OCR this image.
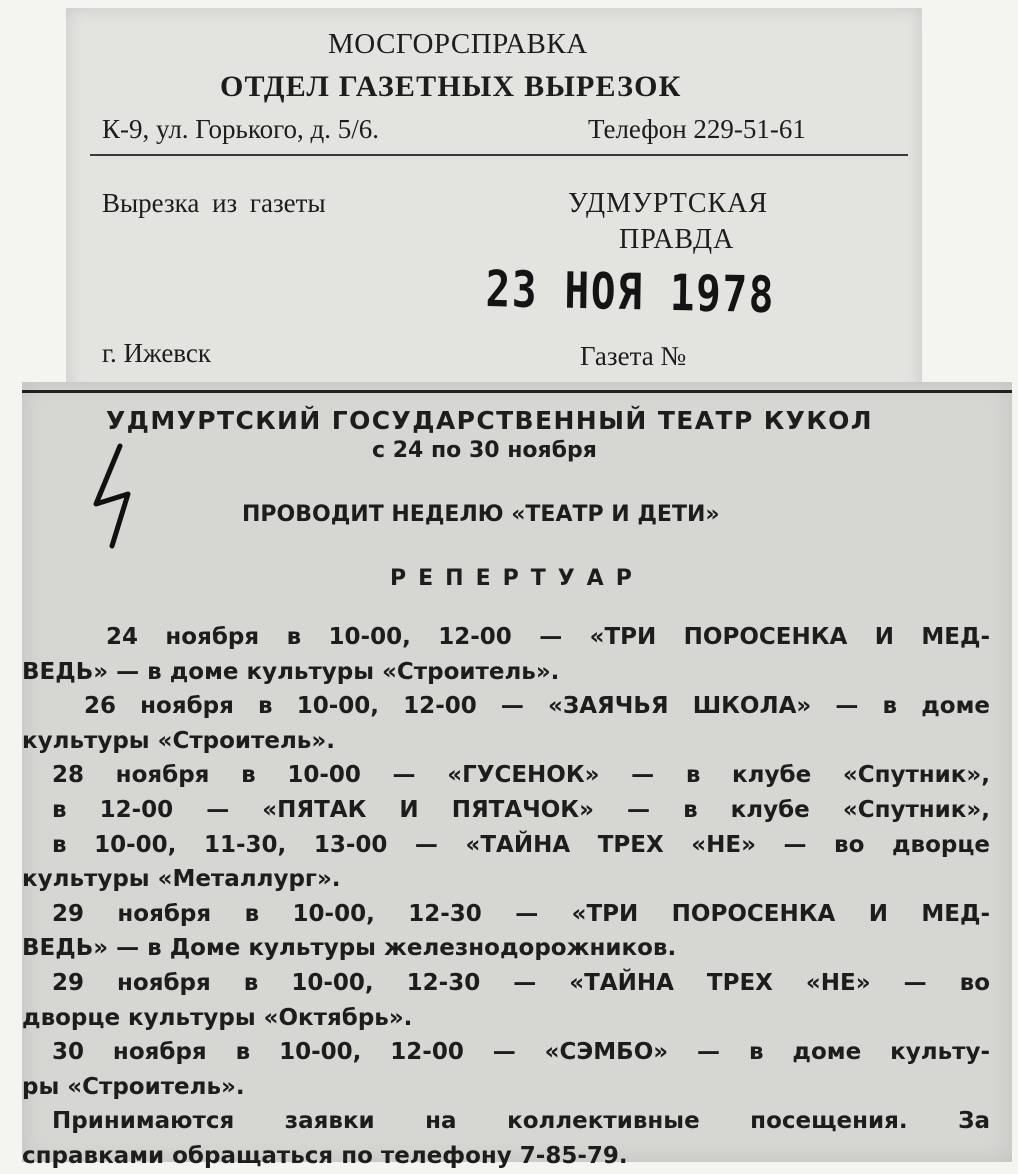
МОСГОРСПРАВКА
ОТДЕЛ ГАЗЕТНЫХ ВЫРЕЗОК
К-9, ул. Горького, д. 5/6.	Телефон 229-51-61
Вырезка из газеты	УДМУРТСКАЯ
ПРАВДА
г. Ижевск	Газета №
23 НОЯ 1978
УДМУРТСКИЙ ГОСУДАРСТВЕННЫЙ ТЕАТР КУКОЛ
с 24 по 30 ноября
ПРОВОДИТ НЕДЕЛЮ «ТЕАТР И ДЕТИ»
РЕПЕРТУАР
24 ноября в 10-00, 12-00 — «ТРИ ПОРОСЕНКА И МЕД-
ВЕДЬ» — в доме культуры «Строитель».
26 ноября в 10-00, 12-00 — «ЗАЯЧЬЯ ШКОЛА» — в доме
культуры «Строитель».
28 ноября в 10-00 — «ГУСЕНОК» — в клубе «Спутник»,
в 12-00 — «ПЯТАК И ПЯТАЧОК» — в клубе «Спутник»,
в 10-00, 11-30, 13-00 — «ТАЙНА ТРЕХ «НЕ» — во дворце
культуры «Металлург».
29 ноября в 10-00, 12-30 — «ТРИ ПОРОСЕНКА И МЕД-
ВЕДЬ» — в Доме культуры железнодорожников.
29 ноября в 10-00, 12-30 — «ТАЙНА ТРЕХ «НЕ» — во
дворце культуры «Октябрь».
30 ноября в 10-00, 12-00 — «СЭМБО» — в доме культу-
ры «Строитель».
Принимаются заявки на коллективные посещения. За
справками обращаться по телефону 7-85-79.
